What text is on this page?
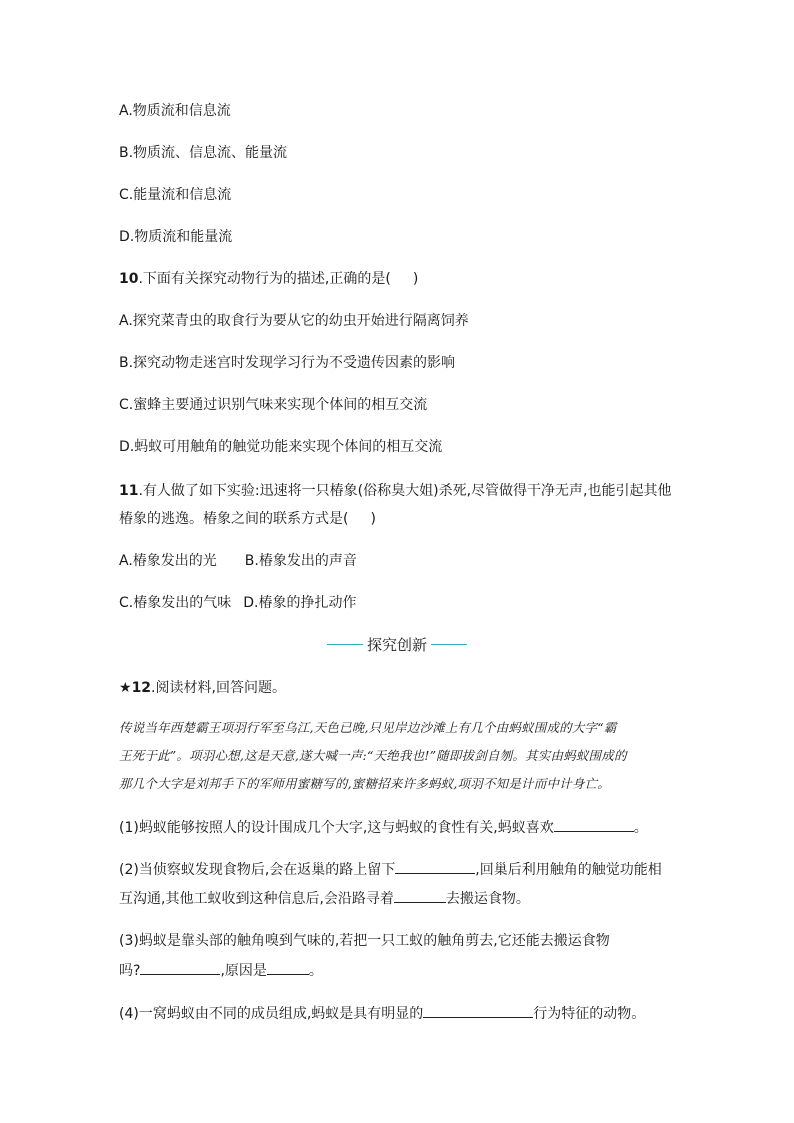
A.物质流和信息流
B.物质流、信息流、能量流
C.能量流和信息流
D.物质流和能量流
10.下面有关探究动物行为的描述,正确的是( )
A.探究菜青虫的取食行为要从它的幼虫开始进行隔离饲养
B.探究动物走迷宫时发现学习行为不受遗传因素的影响
C.蜜蜂主要通过识别气味来实现个体间的相互交流
D.蚂蚁可用触角的触觉功能来实现个体间的相互交流
11.有人做了如下实验:迅速将一只椿象(俗称臭大姐)杀死,尽管做得干净无声,也能引起其他
椿象的逃逸。椿象之间的联系方式是( )
A.椿象发出的光 B.椿象发出的声音
C.椿象发出的气味 D.椿象的挣扎动作
探究创新
★12.阅读材料,回答问题。
传说当年西楚霸王项羽行军至乌江,天色已晚,只见岸边沙滩上有几个由蚂蚁围成的大字“霸
王死于此”。项羽心想,这是天意,遂大喊一声:“天绝我也!”随即拔剑自刎。其实由蚂蚁围成的
那几个大字是刘邦手下的军师用蜜糖写的,蜜糖招来许多蚂蚁,项羽不知是计而中计身亡。
(1)蚂蚁能够按照人的设计围成几个大字,这与蚂蚁的食性有关,蚂蚁喜欢	。
(2)当侦察蚁发现食物后,会在返巢的路上留下	,回巢后利用触角的触觉功能相
互沟通,其他工蚁收到这种信息后,会沿路寻着	去搬运食物。
(3)蚂蚁是靠头部的触角嗅到气味的,若把一只工蚁的触角剪去,它还能去搬运食物
吗?	,原因是	。
(4)一窝蚂蚁由不同的成员组成,蚂蚁是具有明显的	行为特征的动物。
